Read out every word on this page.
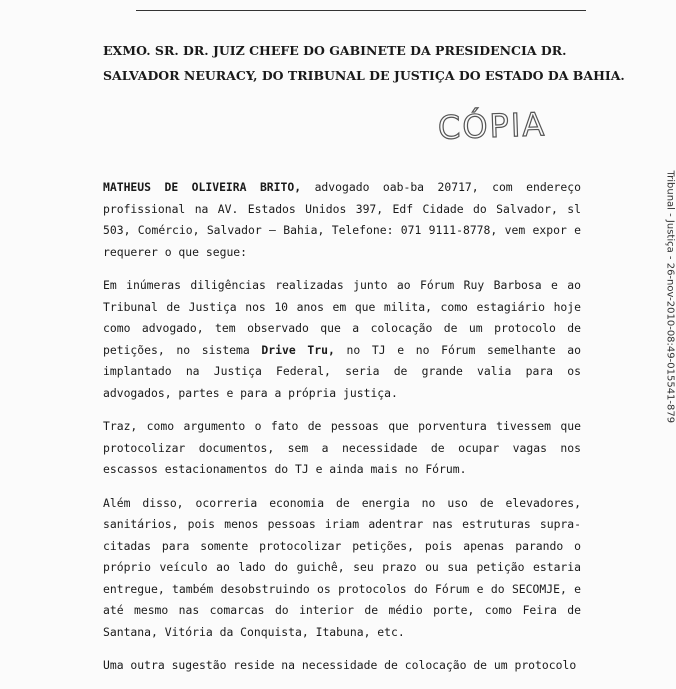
EXMO. SR. DR. JUIZ CHEFE DO GABINETE DA PRESIDENCIA DR.
SALVADOR NEURACY, DO TRIBUNAL DE JUSTIÇA DO ESTADO DA BAHIA.
CÓPIA
Tribunal - Justiça - 26-nov-2010-08:49-015541-879

MATHEUS DE OLIVEIRA BRITO, advogado oab-ba 20717, com endereço profissional na AV. Estados Unidos 397, Edf Cidade do Salvador, sl 503, Comércio, Salvador – Bahia, Telefone: 071 9111-8778, vem expor e requerer o que segue:

Em inúmeras diligências realizadas junto ao Fórum Ruy Barbosa e ao Tribunal de Justiça nos 10 anos em que milita, como estagiário hoje como advogado, tem observado que a colocação de um protocolo de petições, no sistema Drive Tru, no TJ e no Fórum semelhante ao implantado na Justiça Federal, seria de grande valia para os advogados, partes e para a própria justiça.

Traz, como argumento o fato de pessoas que porventura tivessem que protocolizar documentos, sem a necessidade de ocupar vagas nos escassos estacionamentos do TJ e ainda mais no Fórum.

Além disso, ocorreria economia de energia no uso de elevadores, sanitários, pois menos pessoas iriam adentrar nas estruturas supra-citadas para somente protocolizar petições, pois apenas parando o próprio veículo ao lado do guichê, seu prazo ou sua petição estaria entregue, também desobstruindo os protocolos do Fórum e do SECOMJE, e até mesmo nas comarcas do interior de médio porte, como Feira de Santana, Vitória da Conquista, Itabuna, etc.

Uma outra sugestão reside na necessidade de colocação de um protocolo
